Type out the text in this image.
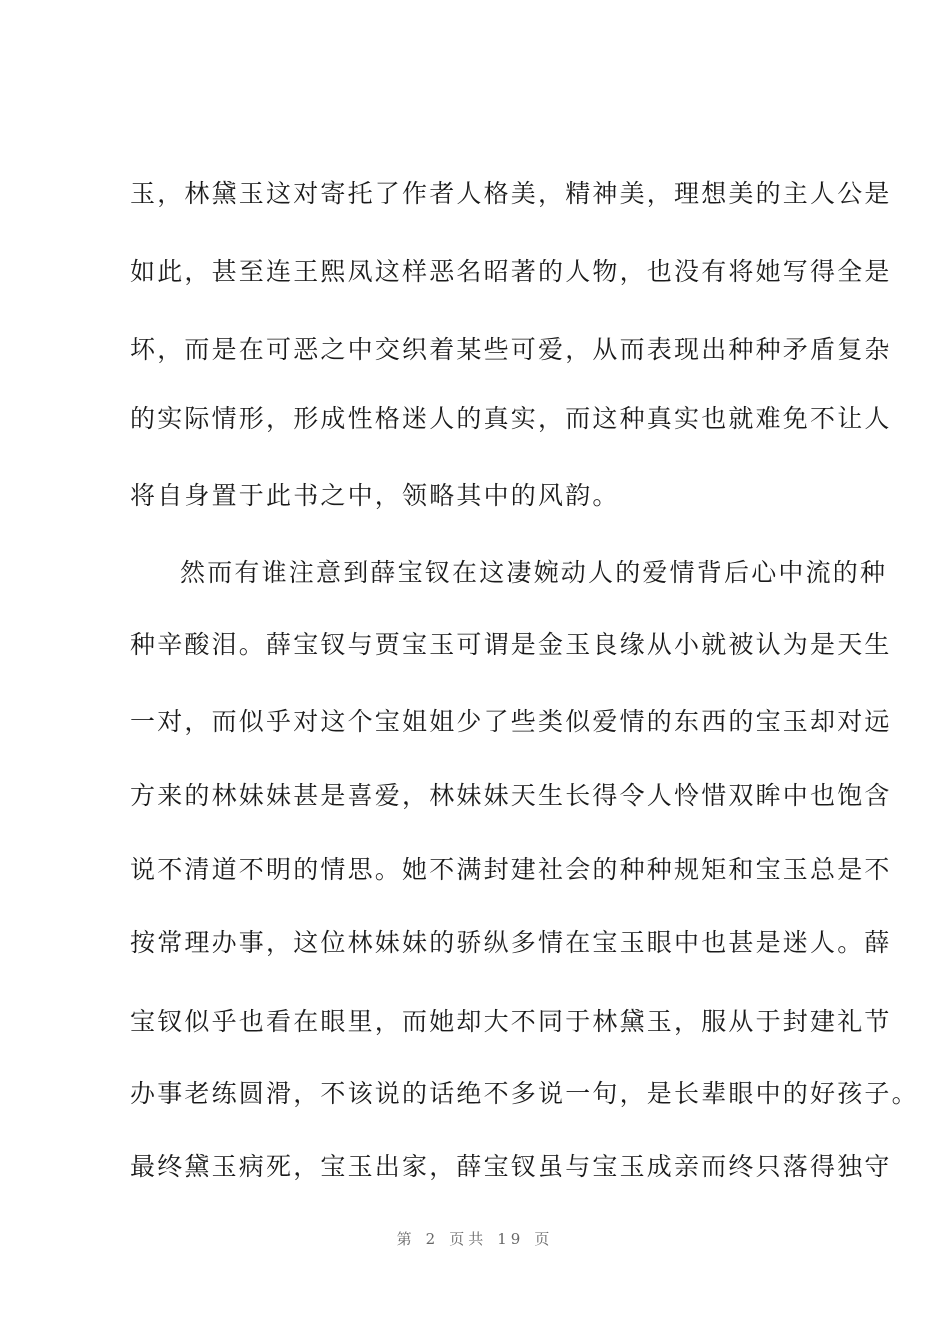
玉，林黛玉这对寄托了作者人格美，精神美，理想美的主人公是
如此，甚至连王熙凤这样恶名昭著的人物，也没有将她写得全是
坏，而是在可恶之中交织着某些可爱，从而表现出种种矛盾复杂
的实际情形，形成性格迷人的真实，而这种真实也就难免不让人
将自身置于此书之中，领略其中的风韵。
然而有谁注意到薛宝钗在这凄婉动人的爱情背后心中流的种
种辛酸泪。薛宝钗与贾宝玉可谓是金玉良缘从小就被认为是天生
一对，而似乎对这个宝姐姐少了些类似爱情的东西的宝玉却对远
方来的林妹妹甚是喜爱，林妹妹天生长得令人怜惜双眸中也饱含
说不清道不明的情思。她不满封建社会的种种规矩和宝玉总是不
按常理办事，这位林妹妹的骄纵多情在宝玉眼中也甚是迷人。薛
宝钗似乎也看在眼里，而她却大不同于林黛玉，服从于封建礼节
办事老练圆滑，不该说的话绝不多说一句，是长辈眼中的好孩子。
最终黛玉病死，宝玉出家，薛宝钗虽与宝玉成亲而终只落得独守
第 2 页共 19 页
